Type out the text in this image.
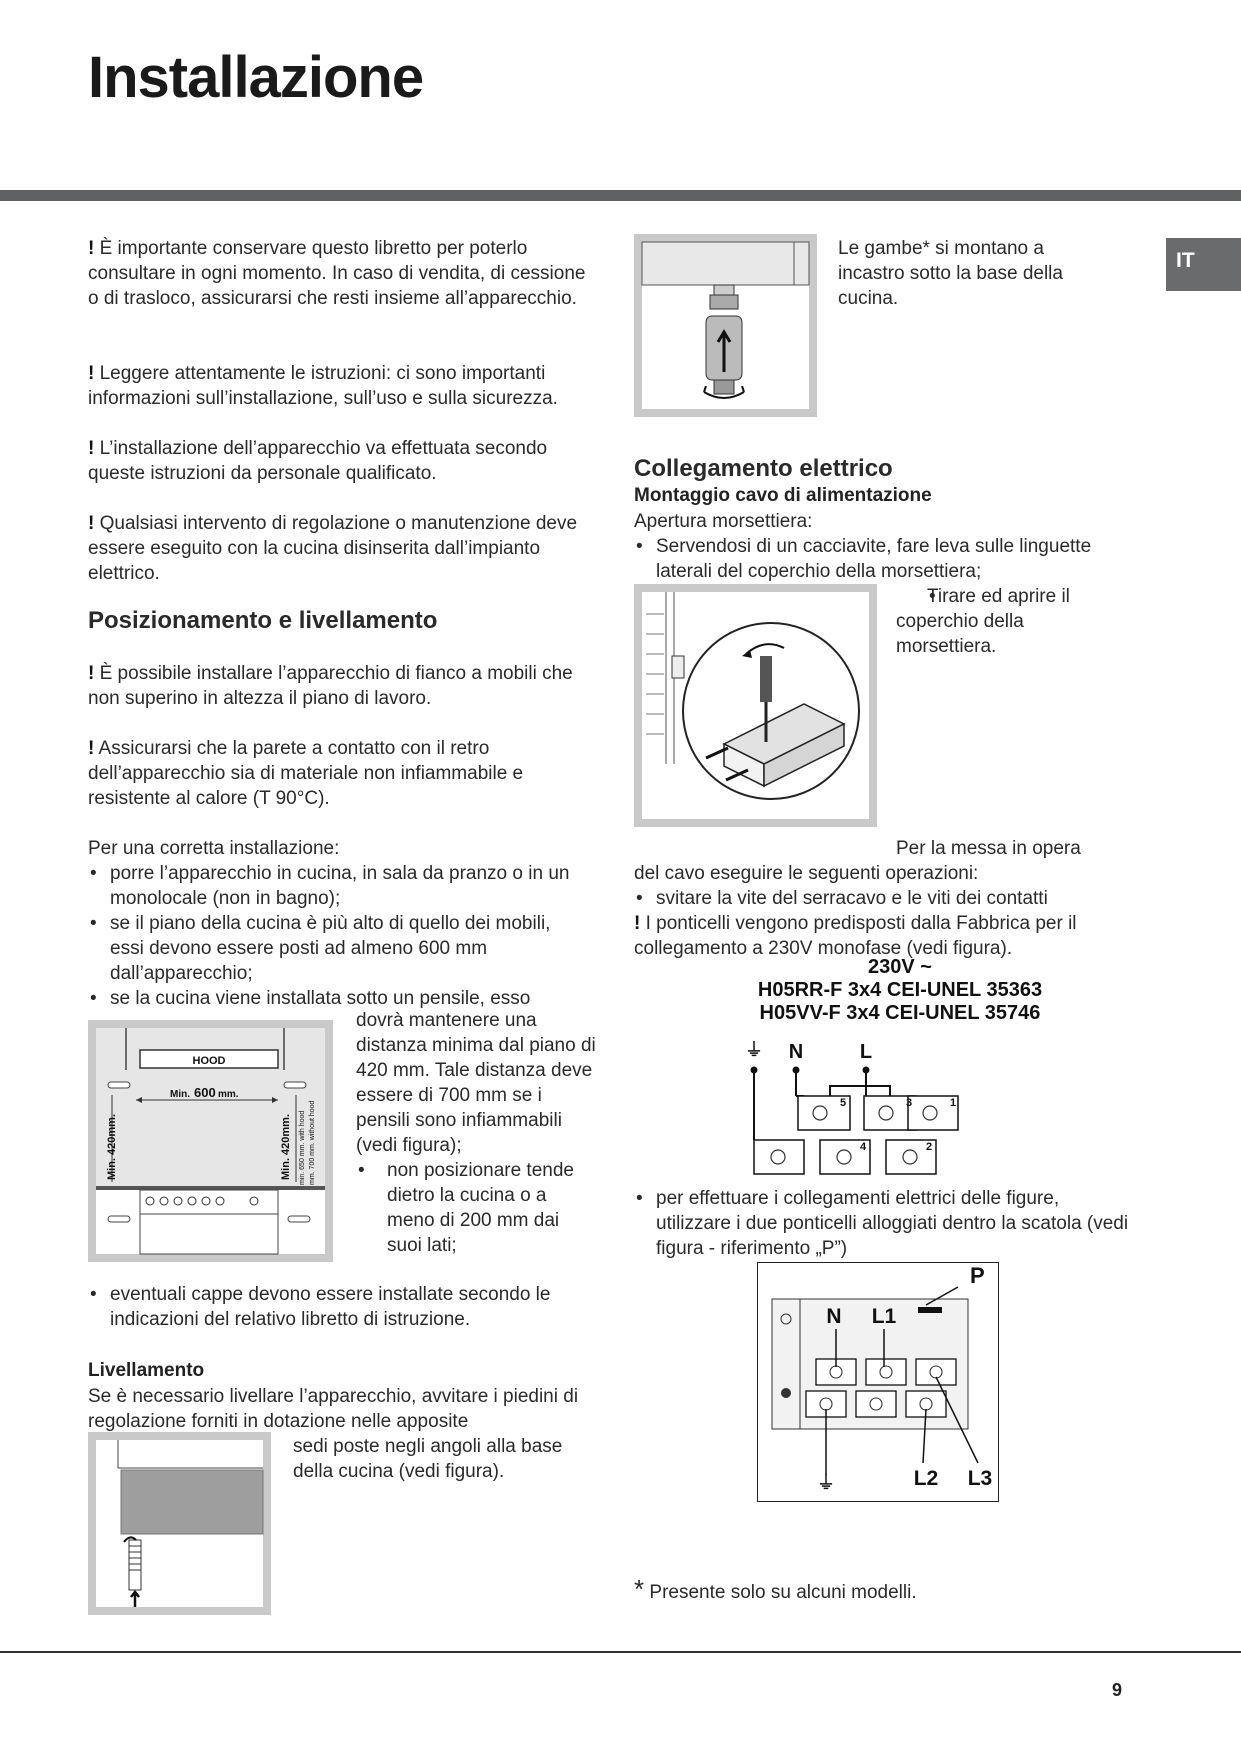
Installazione
IT

! È importante conservare questo libretto per poterlo consultare in ogni momento. In caso di vendita, di cessione o di trasloco, assicurarsi che resti insieme all’apparecchio.

! Leggere attentamente le istruzioni: ci sono importanti informazioni sull’installazione, sull’uso e sulla sicurezza.

! L’installazione dell’apparecchio va effettuata secondo queste istruzioni da personale qualificato.

! Qualsiasi intervento di regolazione o manutenzione deve essere eseguito con la cucina disinserita dall’impianto elettrico.

Posizionamento e livellamento

! È possibile installare l’apparecchio di fianco a mobili che non superino in altezza il piano di lavoro.

! Assicurarsi che la parete a contatto con il retro dell’apparecchio sia di materiale non infiammabile e resistente al calore (T 90°C).

Per una corretta installazione:

• porre l’apparecchio in cucina, in sala da pranzo o in un monolocale (non in bagno);

• se il piano della cucina è più alto di quello dei mobili, essi devono essere posti ad almeno 600 mm dall’apparecchio;

• se la cucina viene installata sotto un pensile, esso

HOOD
Min. 600 mm.
Min. 420mm.	Min. 420mm. min. 650 mm. with hood mm. 700 mm. without hood

dovrà mantenere una distanza minima dal piano di 420 mm. Tale distanza deve essere di 700 mm se i pensili sono infiammabili (vedi figura);

• non posizionare tende dietro la cucina o a meno di 200 mm dai suoi lati;

• eventuali cappe devono essere installate secondo le indicazioni del relativo libretto di istruzione.

Livellamento
Se è necessario livellare l’apparecchio, avvitare i piedini di regolazione forniti in dotazione nelle apposite
sedi poste negli angoli alla base della cucina (vedi figura).
Le gambe* si montano a incastro sotto la base della cucina.
Collegamento elettrico
Montaggio cavo di alimentazione

Apertura morsettiera:

• Servendosi di un cacciavite, fare leva sulle linguette laterali del coperchio della morsettiera;

• Tirare ed aprire il coperchio della morsettiera.

Per la messa in opera

del cavo eseguire le seguenti operazioni:

• svitare la vite del serracavo e le viti dei contatti

! I ponticelli vengono predisposti dalla Fabbrica per il collegamento a 230V monofase (vedi figura).

230V ~
H05RR-F 3x4 CEI-UNEL 35363
H05VV-F 3x4 CEI-UNEL 35746
⏚ N	L
5	3	1
4	2

• per effettuare i collegamenti elettrici delle figure, utilizzare i due ponticelli alloggiati dentro la scatola (vedi figura - riferimento „P”)

P
N L1
⏚	L2 L3
* Presente solo su alcuni modelli.
9
